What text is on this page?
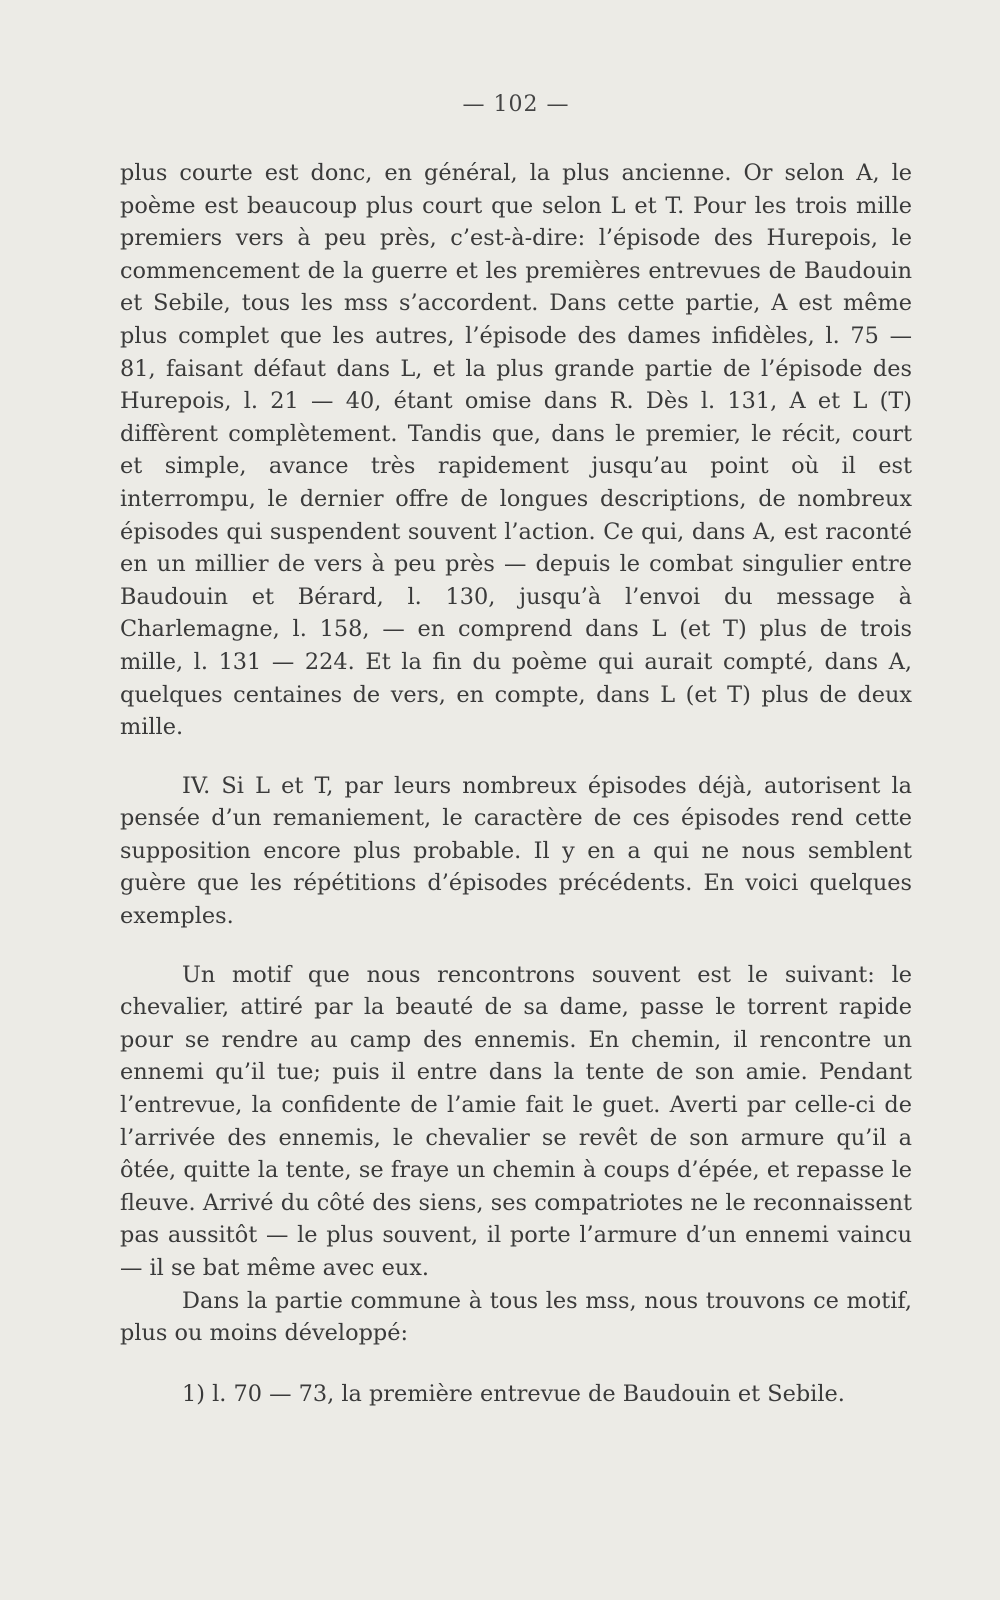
— 102 —

plus courte est donc, en général, la plus ancienne. Or selon A, le poème est beaucoup plus court que selon L et T. Pour les trois mille premiers vers à peu près, c’est-à-dire: l’épisode des Hurepois, le commencement de la guerre et les premières entrevues de Baudouin et Sebile, tous les mss s’accordent. Dans cette partie, A est même plus complet que les autres, l’épisode des dames infidèles, l. 75 — 81, faisant défaut dans L, et la plus grande partie de l’épisode des Hurepois, l. 21 — 40, étant omise dans R. Dès l. 131, A et L (T) diffèrent complètement. Tandis que, dans le premier, le récit, court et simple, avance très rapidement jusqu’au point où il est interrompu, le dernier offre de longues descriptions, de nombreux épisodes qui suspendent souvent l’action. Ce qui, dans A, est raconté en un millier de vers à peu près — depuis le combat singulier entre Baudouin et Bérard, l. 130, jusqu’à l’envoi du message à Charlemagne, l. 158, — en comprend dans L (et T) plus de trois mille, l. 131 — 224. Et la fin du poème qui aurait compté, dans A, quelques centaines de vers, en compte, dans L (et T) plus de deux mille.

IV. Si L et T, par leurs nombreux épisodes déjà, autorisent la pensée d’un remaniement, le caractère de ces épisodes rend cette supposition encore plus probable. Il y en a qui ne nous semblent guère que les répétitions d’épisodes précédents. En voici quelques exemples.

Un motif que nous rencontrons souvent est le suivant: le chevalier, attiré par la beauté de sa dame, passe le torrent rapide pour se rendre au camp des ennemis. En chemin, il rencontre un ennemi qu’il tue; puis il entre dans la tente de son amie. Pendant l’entrevue, la confidente de l’amie fait le guet. Averti par celle-ci de l’arrivée des ennemis, le chevalier se revêt de son armure qu’il a ôtée, quitte la tente, se fraye un chemin à coups d’épée, et repasse le fleuve. Arrivé du côté des siens, ses compatriotes ne le reconnaissent pas aussitôt — le plus souvent, il porte l’armure d’un ennemi vaincu — il se bat même avec eux.

Dans la partie commune à tous les mss, nous trouvons ce motif, plus ou moins développé:

1) l. 70 — 73, la première entrevue de Baudouin et Sebile.
